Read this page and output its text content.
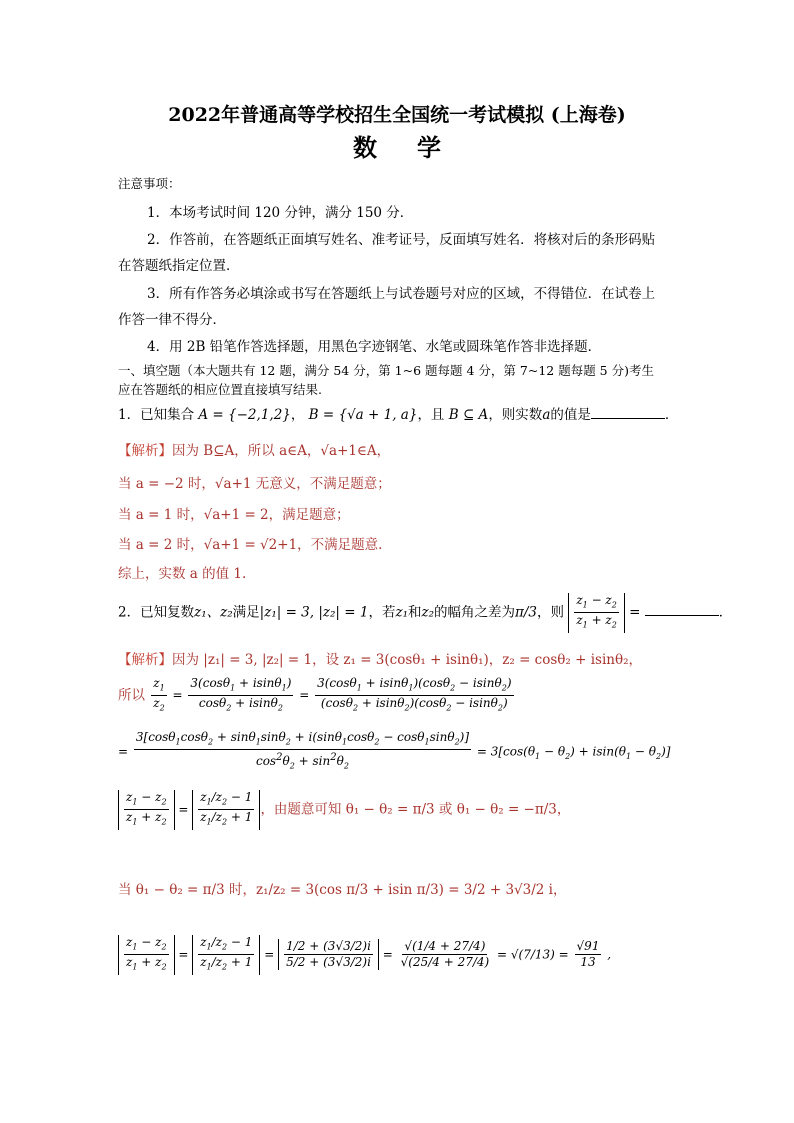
2022年普通高等学校招生全国统一考试模拟 (上海卷)
数学
注意事项：
1．本场考试时间 120 分钟，满分 150 分．
2．作答前，在答题纸正面填写姓名、准考证号，反面填写姓名．将核对后的条形码贴
在答题纸指定位置．
3．所有作答务必填涂或书写在答题纸上与试卷题号对应的区域，不得错位．在试卷上
作答一律不得分．
4．用 2B 铅笔作答选择题，用黑色字迹钢笔、水笔或圆珠笔作答非选择题．
一、填空题（本大题共有 12 题，满分 54 分，第 1~6 题每题 4 分，第 7~12 题每题 5 分)考生
应在答题纸的相应位置直接填写结果.
1．已知集合 A = {−2,1,2}， B = {√a + 1, a}，且 B ⊆ A，则实数a的值是	．
【解析】因为 B⊆A，所以 a∈A，√a+1∈A，
当 a = −2 时，√a+1 无意义，不满足题意；
当 a = 1 时，√a+1 = 2，满足题意；
当 a = 2 时，√a+1 = √2+1，不满足题意.
综上，实数 a 的值 1.
2．已知复数z₁、z₂满足|z₁| = 3, |z₂| = 1，若z₁和z₂的幅角之差为π/3，则 $\frac{z_1 - z_2}{z_1 + z_2}$ =	．
【解析】因为 |z₁| = 3, |z₂| = 1，设 z₁ = 3(cosθ₁ + isinθ₁)，z₂ = cosθ₂ + isinθ₂，
所以 $\frac{z_1}{z_2} = \frac{3(\cos\theta_1 + isin\theta_1)}{\cos\theta_2 + isin\theta_2} = \frac{3(\cos\theta_1 + isin\theta_1)(\cos\theta_2 - isin\theta_2)}{(\cos\theta_2 + isin\theta_2)(\cos\theta_2 - isin\theta_2)}$
= $\frac{3[\cos\theta_1\cos\theta_2 + \sin\theta_1\sin\theta_2 + i(\sin\theta_1\cos\theta_2 - \cos\theta_1\sin\theta_2)]}{\cos^2\theta_2 + \sin^2\theta_2} = 3[\cos(\theta_1 - \theta_2) + isin(\theta_1 - \theta_2)]$
$\frac{z_1 - z_2}{z_1 + z_2} = \frac{z_1/z_2 - 1}{z_1/z_2 + 1}$ ，由题意可知 θ₁ − θ₂ = π/3 或 θ₁ − θ₂ = −π/3，
当 θ₁ − θ₂ = π/3 时，z₁/z₂ = 3(cos π/3 + isin π/3) = 3/2 + 3√3/2 i，
$\frac{z_1 - z_2}{z_1 + z_2} = \frac{z_1/z_2 - 1}{z_1/z_2 + 1} = \frac{1/2 + (3√3/2)i}{5/2 + (3√3/2)i} = \frac{√(1/4 + 27/4)}{√(25/4 + 27/4)} = √(7/13) = \frac{√91}{13}$ ,
